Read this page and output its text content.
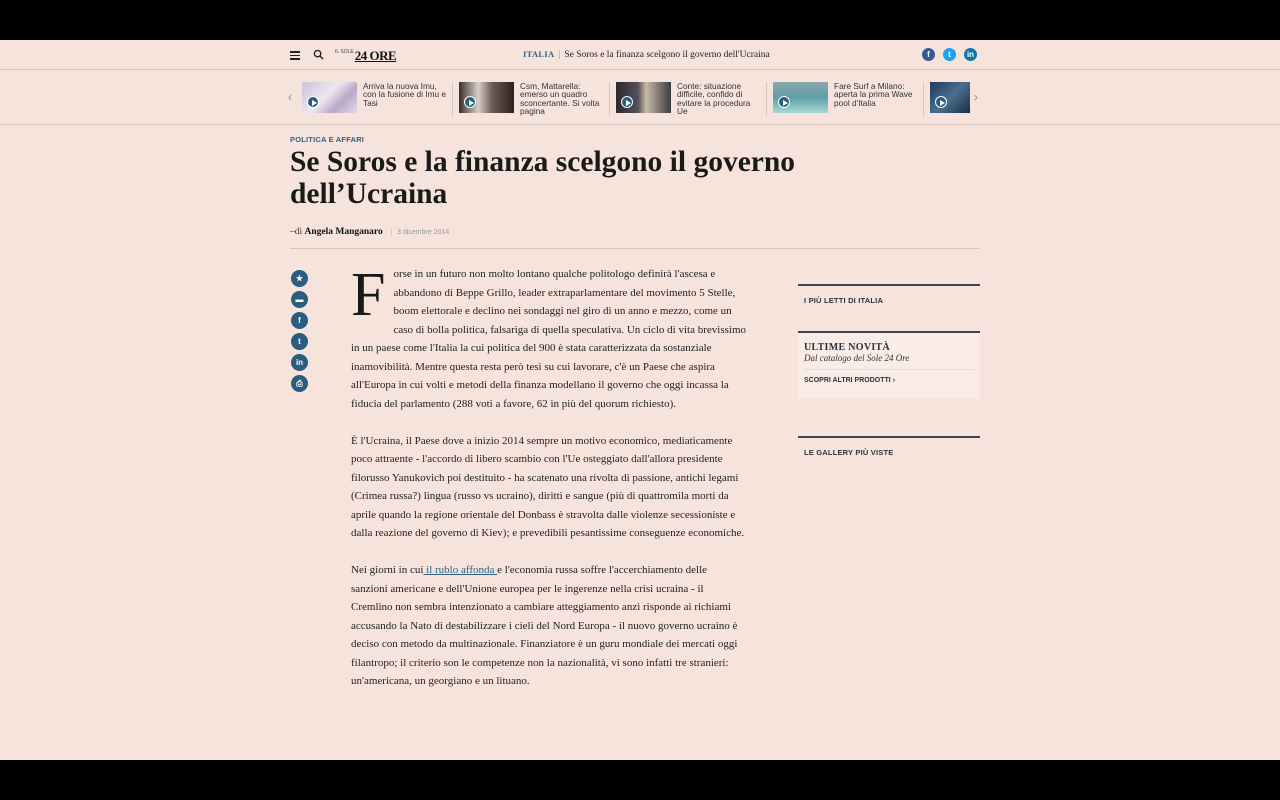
IL SOLE 24 ORE	ITALIA | Se Soros e la finanza scelgono il governo dell'Ucraina	f	t	in
‹
Arriva la nuova Imu, con la fusione di Imu e Tasi
Csm, Mattarella: emerso un quadro sconcertante. Si volta pagina
Conte: situazione difficile, confido di evitare la procedura Ue
Fare Surf a Milano: aperta la prima Wave pool d'Italia	›
POLITICA E AFFARI
Se Soros e la finanza scelgono il governo dell’Ucraina
–di Angela Manganaro 3 dicembre 2014
★
▬
f
t
in
⎙

Forse in un futuro non molto lontano qualche politologo definirà l'ascesa e abbandono di Beppe Grillo, leader extraparlamentare del movimento 5 Stelle, boom elettorale e declino nei sondaggi nel giro di un anno e mezzo, come un caso di bolla politica, falsariga di quella speculativa. Un ciclo di vita brevissimo in un paese come l'Italia la cui politica del 900 è stata caratterizzata da sostanziale inamovibilità. Mentre questa resta però tesi su cui lavorare, c'è un Paese che aspira all'Europa in cui volti e metodi della finanza modellano il governo che oggi incassa la fiducia del parlamento (288 voti a favore, 62 in più del quorum richiesto).

È l'Ucraina, il Paese dove a inizio 2014 sempre un motivo economico, mediaticamente poco attraente - l'accordo di libero scambio con l'Ue osteggiato dall'allora presidente filorusso Yanukovich poi destituito - ha scatenato una rivolta di passione, antichi legami (Crimea russa?) lingua (russo vs ucraino), diritti e sangue (più di quattromila morti da aprile quando la regione orientale del Donbass è stravolta dalle violenze secessioniste e dalla reazione del governo di Kiev); e prevedibili pesantissime conseguenze economiche.

Nei giorni in cui il rublo affonda e l'economia russa soffre l'accerchiamento delle sanzioni americane e dell'Unione europea per le ingerenze nella crisi ucraina - il Cremlino non sembra intenzionato a cambiare atteggiamento anzi risponde ai richiami accusando la Nato di destabilizzare i cieli del Nord Europa - il nuovo governo ucraino è deciso con metodo da multinazionale. Finanziatore è un guru mondiale dei mercati oggi filantropo; il criterio son le competenze non la nazionalità, vi sono infatti tre stranieri: un'americana, un georgiano e un lituano.

I PIÙ LETTI DI ITALIA
ULTIME NOVITÀ
Dal catalogo del Sole 24 Ore
SCOPRI ALTRI PRODOTTI ›
LE GALLERY PIÙ VISTE
